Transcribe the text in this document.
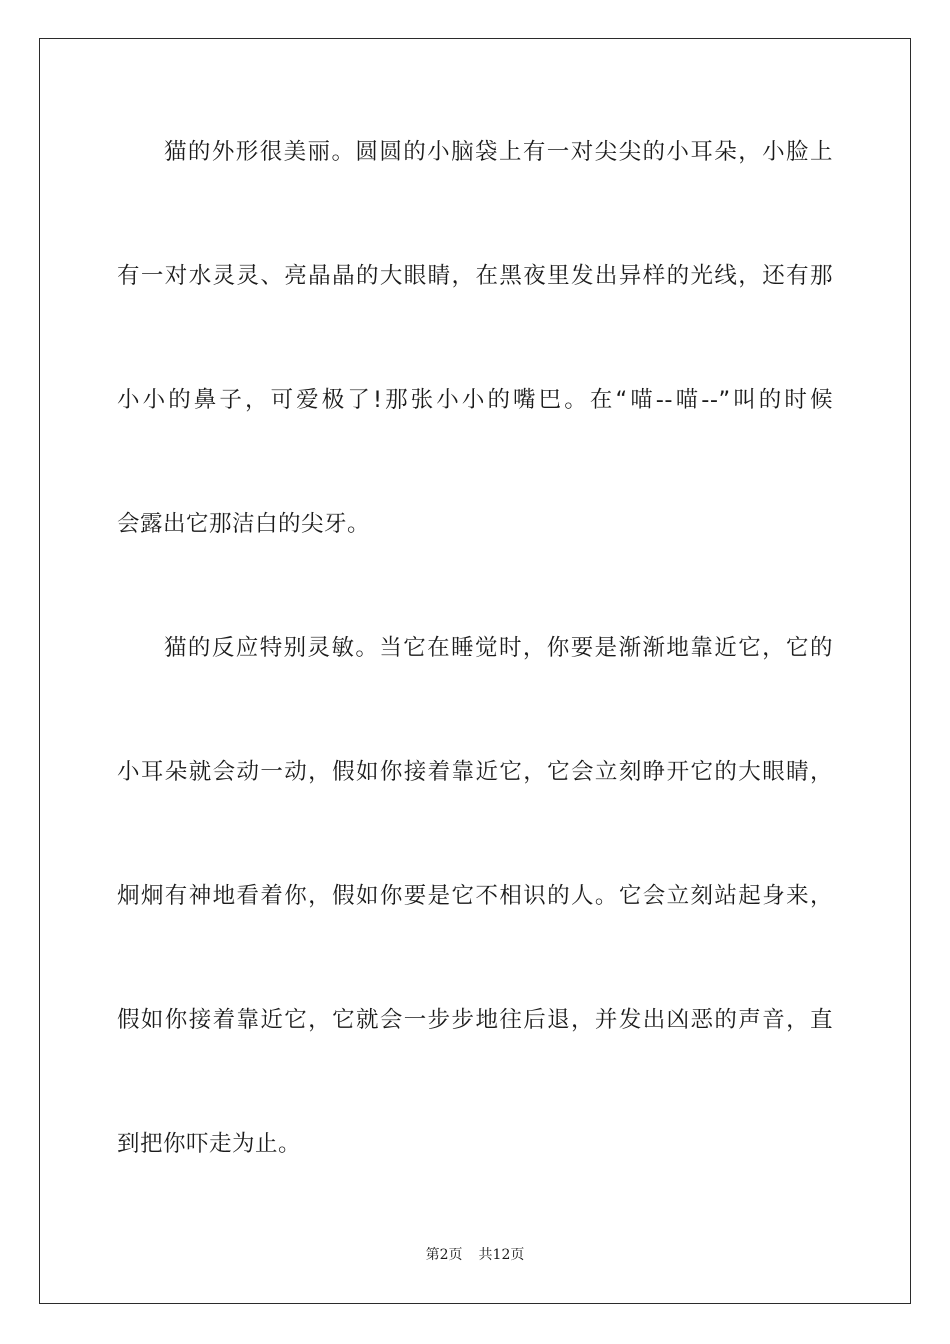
猫的外形很美丽。圆圆的小脑袋上有一对尖尖的小耳朵，小脸上
有一对水灵灵、亮晶晶的大眼睛，在黑夜里发出异样的光线，还有那
小小的鼻子，可爱极了!那张小小的嘴巴。在“喵--喵--”叫的时候
会露出它那洁白的尖牙。
猫的反应特别灵敏。当它在睡觉时，你要是渐渐地靠近它，它的
小耳朵就会动一动，假如你接着靠近它，它会立刻睁开它的大眼睛，
炯炯有神地看着你，假如你要是它不相识的人。它会立刻站起身来，
假如你接着靠近它，它就会一步步地往后退，并发出凶恶的声音，直
到把你吓走为止。
第2页 共12页
